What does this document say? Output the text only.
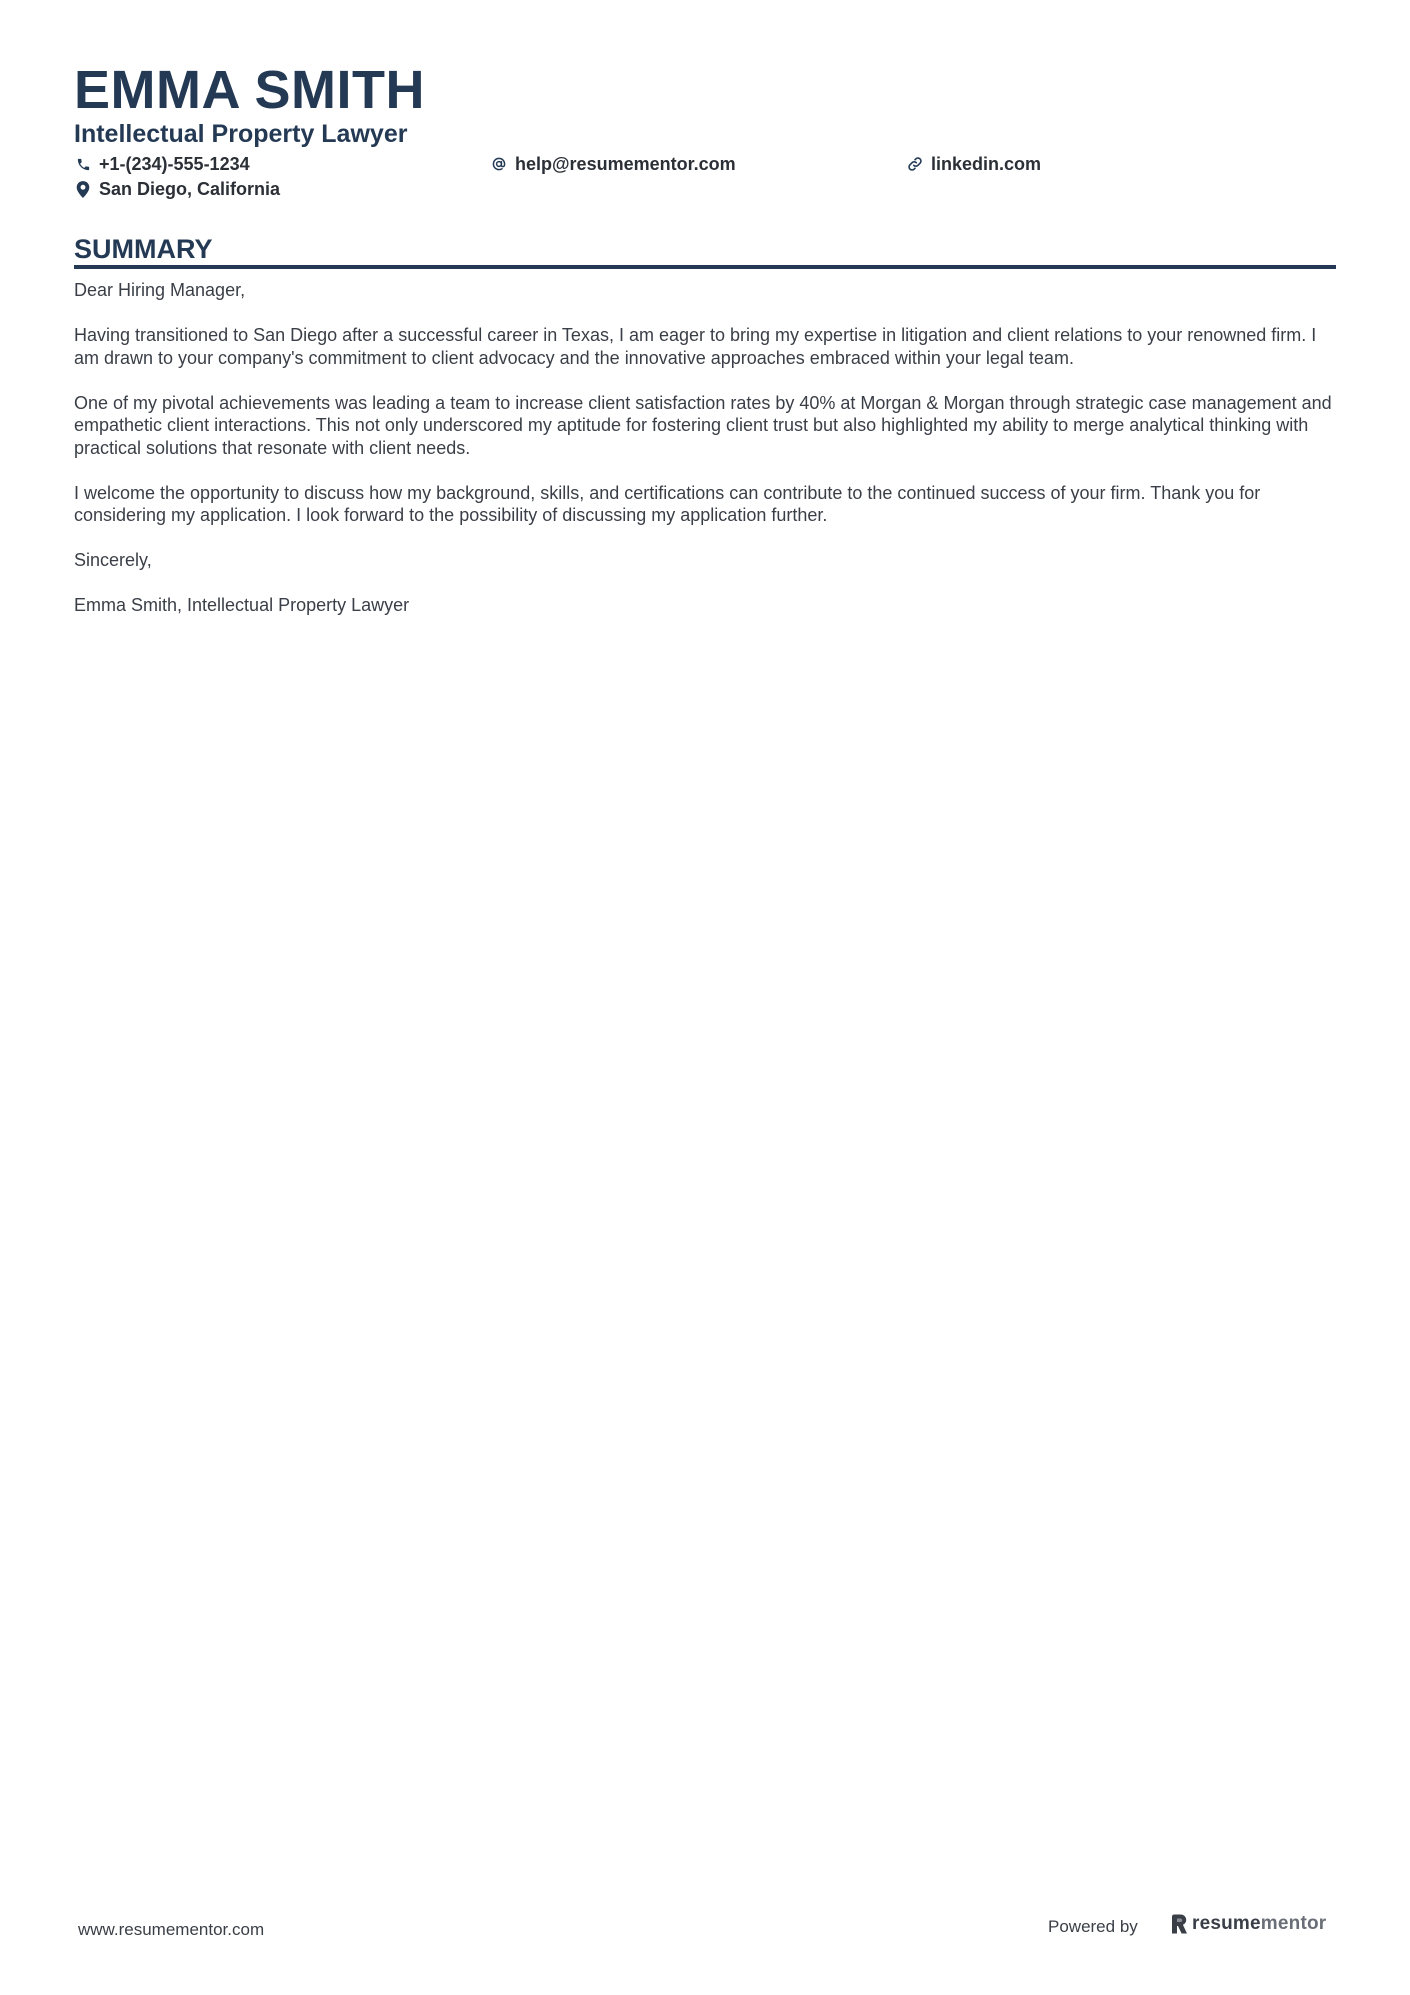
EMMA SMITH
Intellectual Property Lawyer
+1-(234)-555-1234	help@resumementor.com	linkedin.com
San Diego, California
SUMMARY

Dear Hiring Manager,

Having transitioned to San Diego after a successful career in Texas, I am eager to bring my expertise in litigation and client relations to your renowned firm. I am drawn to your company's commitment to client advocacy and the innovative approaches embraced within your legal team.

One of my pivotal achievements was leading a team to increase client satisfaction rates by 40% at Morgan & Morgan through strategic case management and empathetic client interactions. This not only underscored my aptitude for fostering client trust but also highlighted my ability to merge analytical thinking with practical solutions that resonate with client needs.

I welcome the opportunity to discuss how my background, skills, and certifications can contribute to the continued success of your firm. Thank you for considering my application. I look forward to the possibility of discussing my application further.

Sincerely,

Emma Smith, Intellectual Property Lawyer

www.resumementor.com	Powered by	resumementor
